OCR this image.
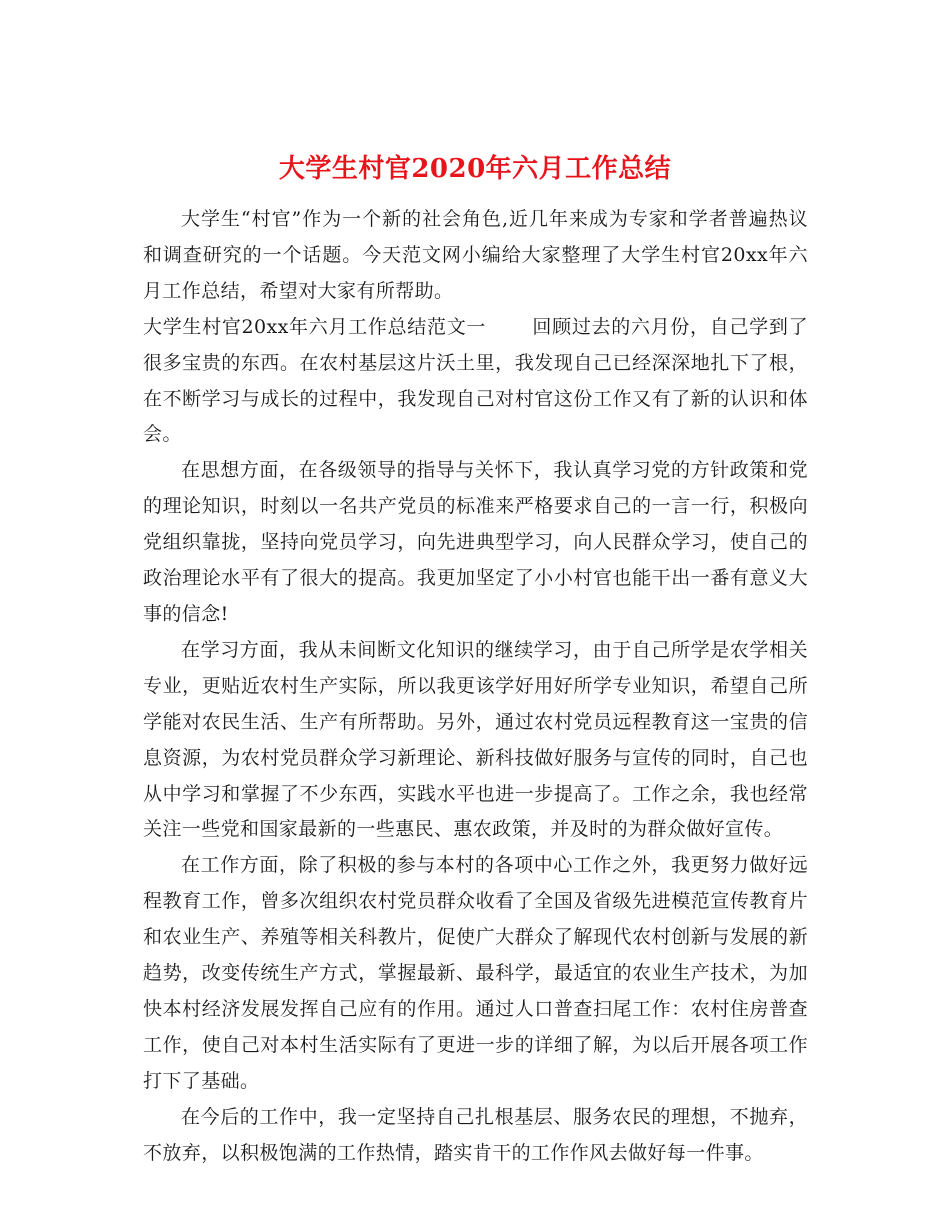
大学生村官2020年六月工作总结

大学生“村官”作为一个新的社会角色,近几年来成为专家和学者普遍热议和调查研究的一个话题。今天范文网小编给大家整理了大学生村官20xx年六月工作总结，希望对大家有所帮助。

大学生村官20xx年六月工作总结范文一 回顾过去的六月份，自己学到了很多宝贵的东西。在农村基层这片沃土里，我发现自己已经深深地扎下了根，在不断学习与成长的过程中，我发现自己对村官这份工作又有了新的认识和体会。

在思想方面，在各级领导的指导与关怀下，我认真学习党的方针政策和党的理论知识，时刻以一名共产党员的标准来严格要求自己的一言一行，积极向党组织靠拢，坚持向党员学习，向先进典型学习，向人民群众学习，使自己的政治理论水平有了很大的提高。我更加坚定了小小村官也能干出一番有意义大事的信念!

在学习方面，我从未间断文化知识的继续学习，由于自己所学是农学相关专业，更贴近农村生产实际，所以我更该学好用好所学专业知识，希望自己所学能对农民生活、生产有所帮助。另外，通过农村党员远程教育这一宝贵的信息资源，为农村党员群众学习新理论、新科技做好服务与宣传的同时，自己也从中学习和掌握了不少东西，实践水平也进一步提高了。工作之余，我也经常关注一些党和国家最新的一些惠民、惠农政策，并及时的为群众做好宣传。

在工作方面，除了积极的参与本村的各项中心工作之外，我更努力做好远程教育工作，曾多次组织农村党员群众收看了全国及省级先进模范宣传教育片和农业生产、养殖等相关科教片，促使广大群众了解现代农村创新与发展的新趋势，改变传统生产方式，掌握最新、最科学，最适宜的农业生产技术，为加快本村经济发展发挥自己应有的作用。通过人口普查扫尾工作：农村住房普查工作，使自己对本村生活实际有了更进一步的详细了解，为以后开展各项工作打下了基础。

在今后的工作中，我一定坚持自己扎根基层、服务农民的理想，不抛弃，不放弃，以积极饱满的工作热情，踏实肯干的工作作风去做好每一件事。
